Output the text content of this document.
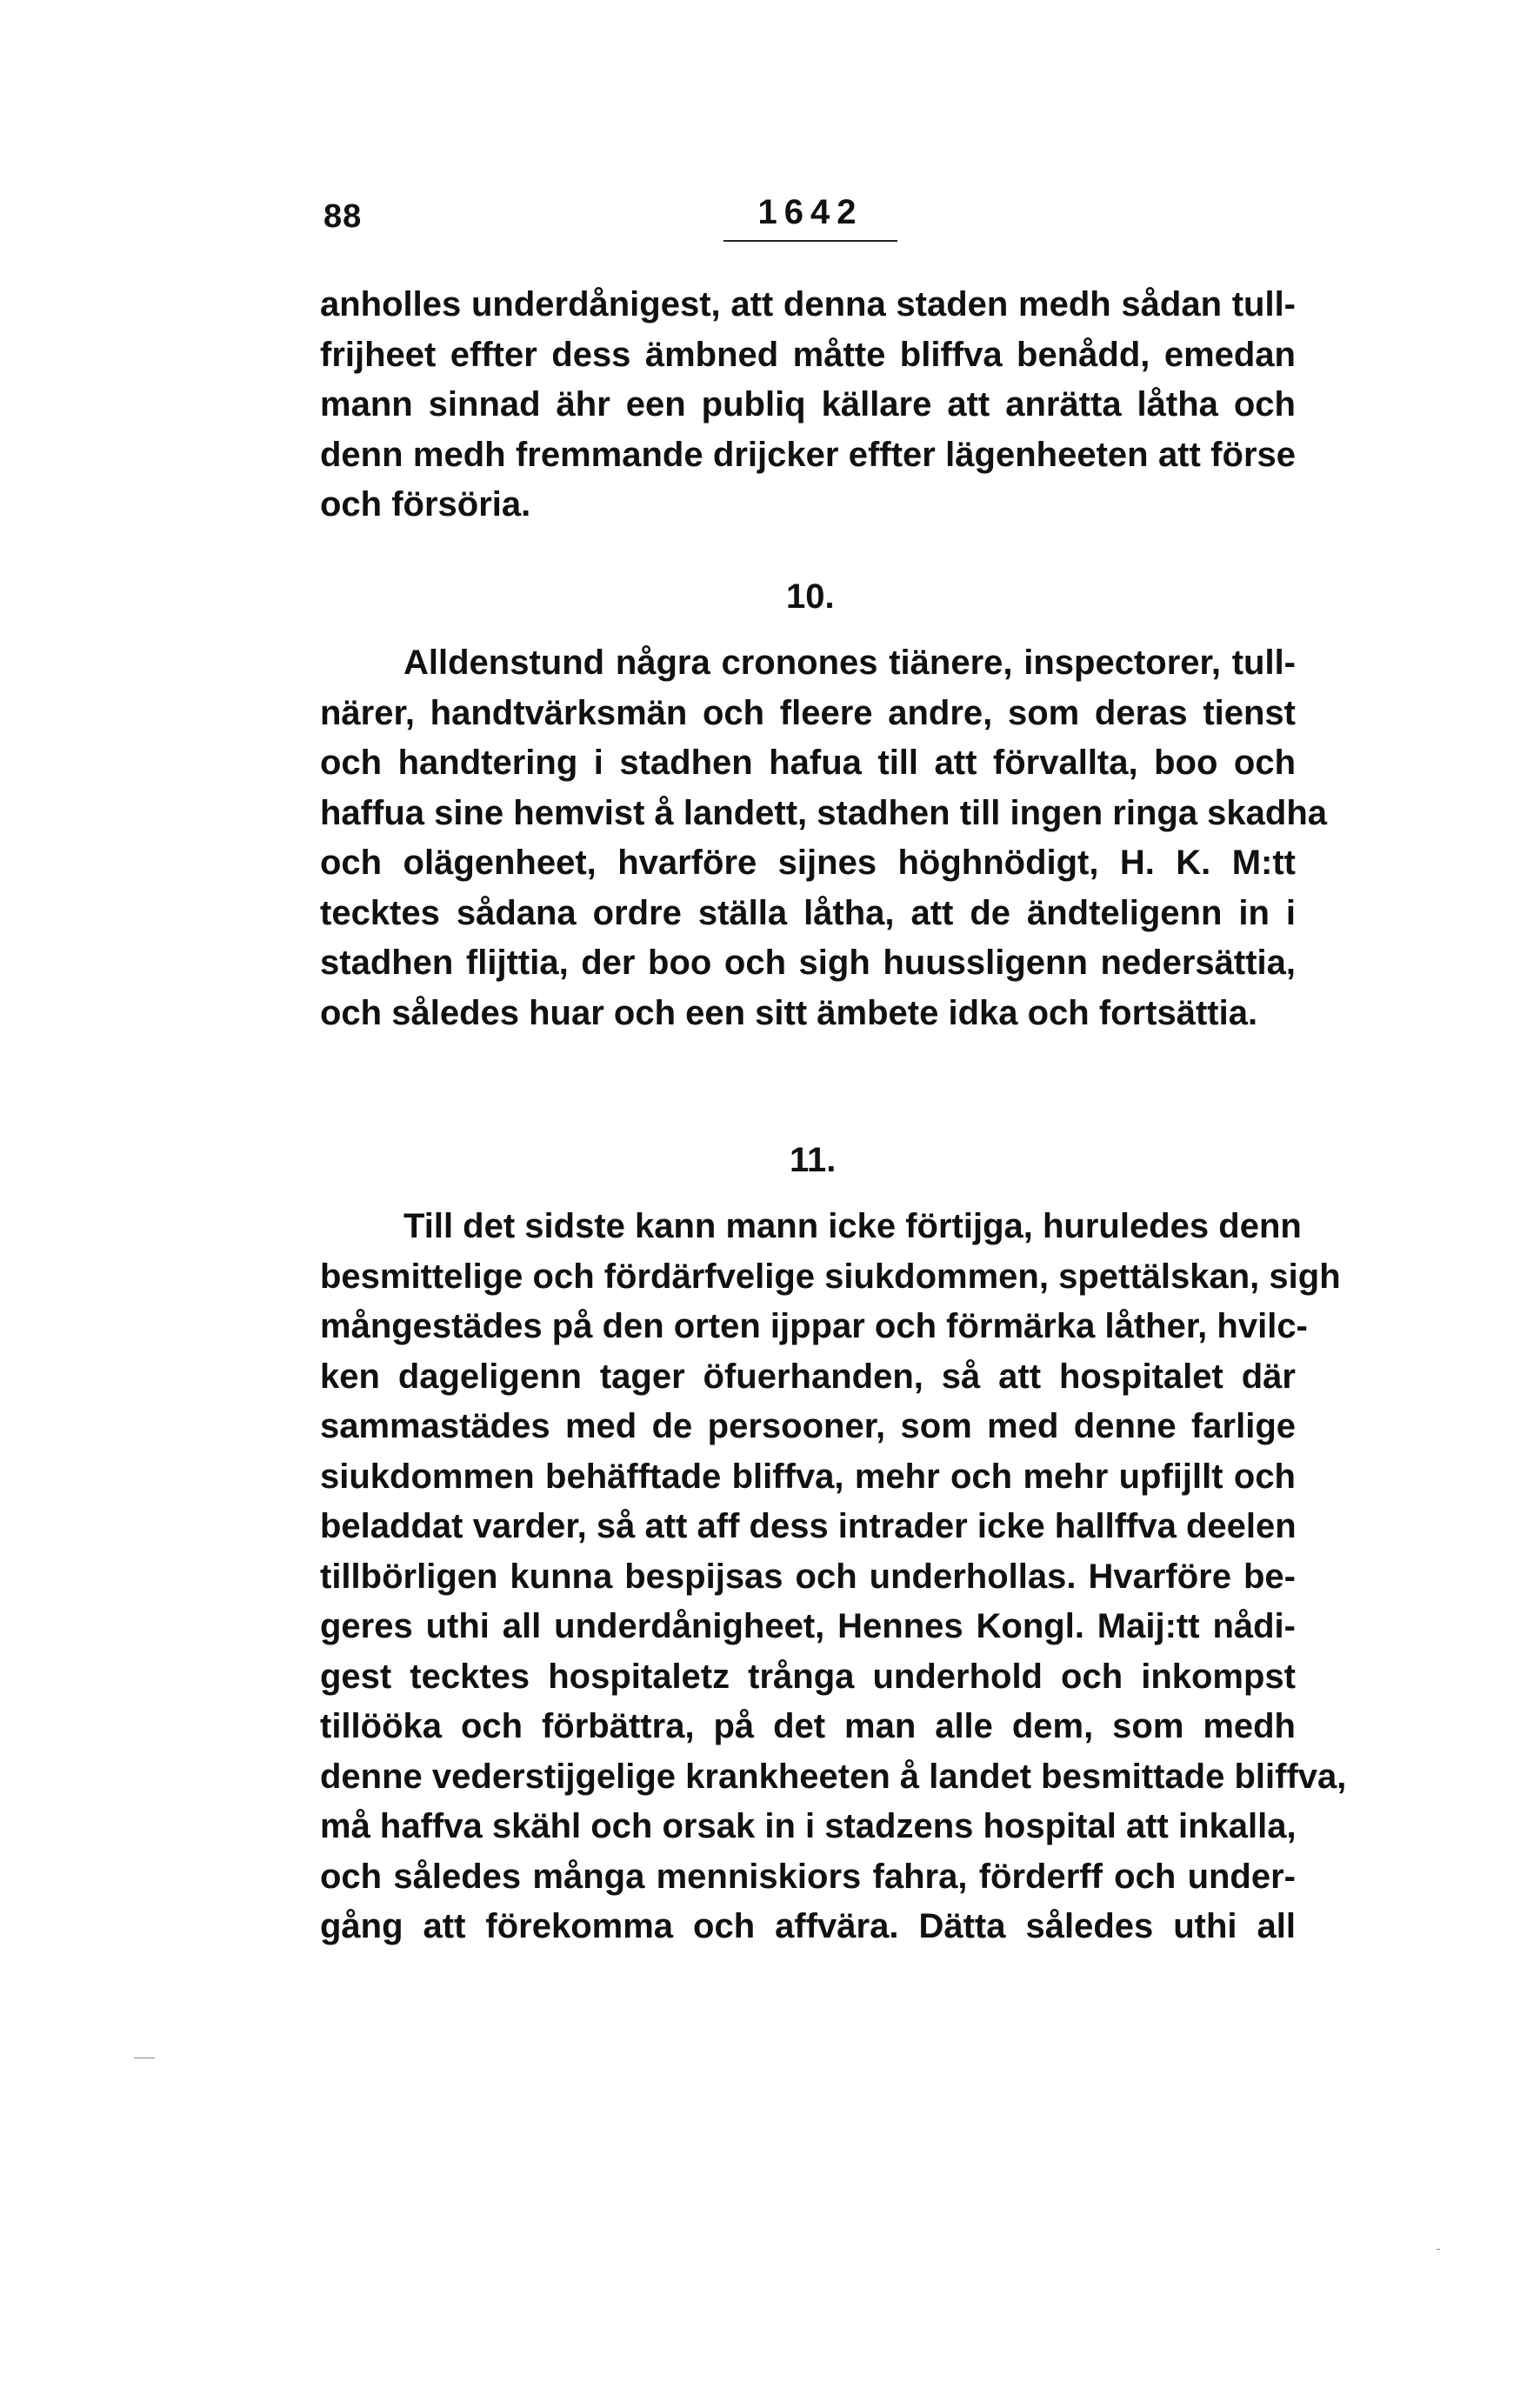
88	1642
anholles underdånigest, att denna staden medh sådan tull-
frijheet effter dess ämbned måtte bliffva benådd, emedan
mann sinnad ähr een publiq källare att anrätta låtha och
denn medh fremmande drijcker effter lägenheeten att förse
och försöria.
10.
Alldenstund några cronones tiänere, inspectorer, tull-
närer, handtvärksmän och fleere andre, som deras tienst
och handtering i stadhen hafua till att förvallta, boo och
haffua sine hemvist å landett, stadhen till ingen ringa skadha
och olägenheet, hvarföre sijnes höghnödigt, H. K. M:tt
tecktes sådana ordre ställa låtha, att de ändteligenn in i
stadhen flijttia, der boo och sigh huussligenn nedersättia,
och således huar och een sitt ämbete idka och fortsättia.
11.
Till det sidste kann mann icke förtijga, huruledes denn
besmittelige och fördärfvelige siukdommen, spettälskan, sigh
mångestädes på den orten ijppar och förmärka låther, hvilc-
ken dageligenn tager öfuerhanden, så att hospitalet där
sammastädes med de persooner, som med denne farlige
siukdommen behäfftade bliffva, mehr och mehr upfijllt och
beladdat varder, så att aff dess intrader icke hallffva deelen
tillbörligen kunna bespijsas och underhollas. Hvarföre be-
geres uthi all underdånigheet, Hennes Kongl. Maij:tt nådi-
gest tecktes hospitaletz trånga underhold och inkompst
tillööka och förbättra, på det man alle dem, som medh
denne vederstijgelige krankheeten å landet besmittade bliffva,
må haffva skähl och orsak in i stadzens hospital att inkalla,
och således många menniskiors fahra, förderff och under-
gång att förekomma och affvära. Dätta således uthi all
